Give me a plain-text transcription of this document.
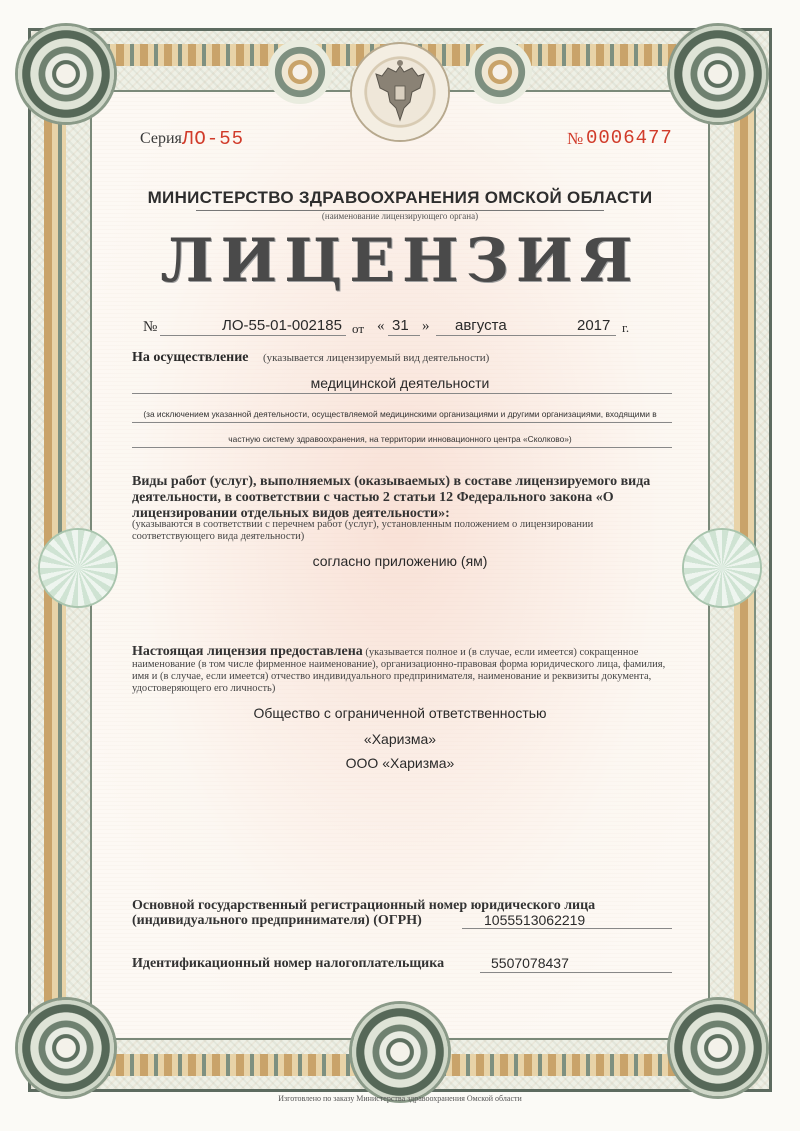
Серия ЛО-55	№ 0006477
МИНИСТЕРСТВО ЗДРАВООХРАНЕНИЯ ОМСКОЙ ОБЛАСТИ
(наименование лицензирующего органа)
ЛИЦЕНЗИЯ
№	ЛО-55-01-002185 от « 31 » августа	2017 г.
На осуществление (указывается лицензируемый вид деятельности)
медицинской деятельности
(за исключением указанной деятельности, осуществляемой медицинскими организациями и другими организациями, входящими в
частную систему здравоохранения, на территории инновационного центра «Сколково»)
Виды работ (услуг), выполняемых (оказываемых) в составе лицензируемого вида деятельности, в соответствии с частью 2 статьи 12 Федерального закона «О лицензировании отдельных видов деятельности»:
(указываются в соответствии с перечнем работ (услуг), установленным положением о лицензировании соответствующего вида деятельности)
согласно приложению (ям)
Настоящая лицензия предоставлена (указывается полное и (в случае, если имеется) сокращенное наименование (в том числе фирменное наименование), организационно-правовая форма юридического лица, фамилия, имя и (в случае, если имеется) отчество индивидуального предпринимателя, наименование и реквизиты документа, удостоверяющего его личность)
Общество с ограниченной ответственностью
«Харизма»
ООО «Харизма»
Основной государственный регистрационный номер юридического лица
(индивидуального предпринимателя) (ОГРН)	1055513062219
Идентификационный номер налогоплательщика	5507078437
Изготовлено по заказу Министерства здравоохранения Омской области
